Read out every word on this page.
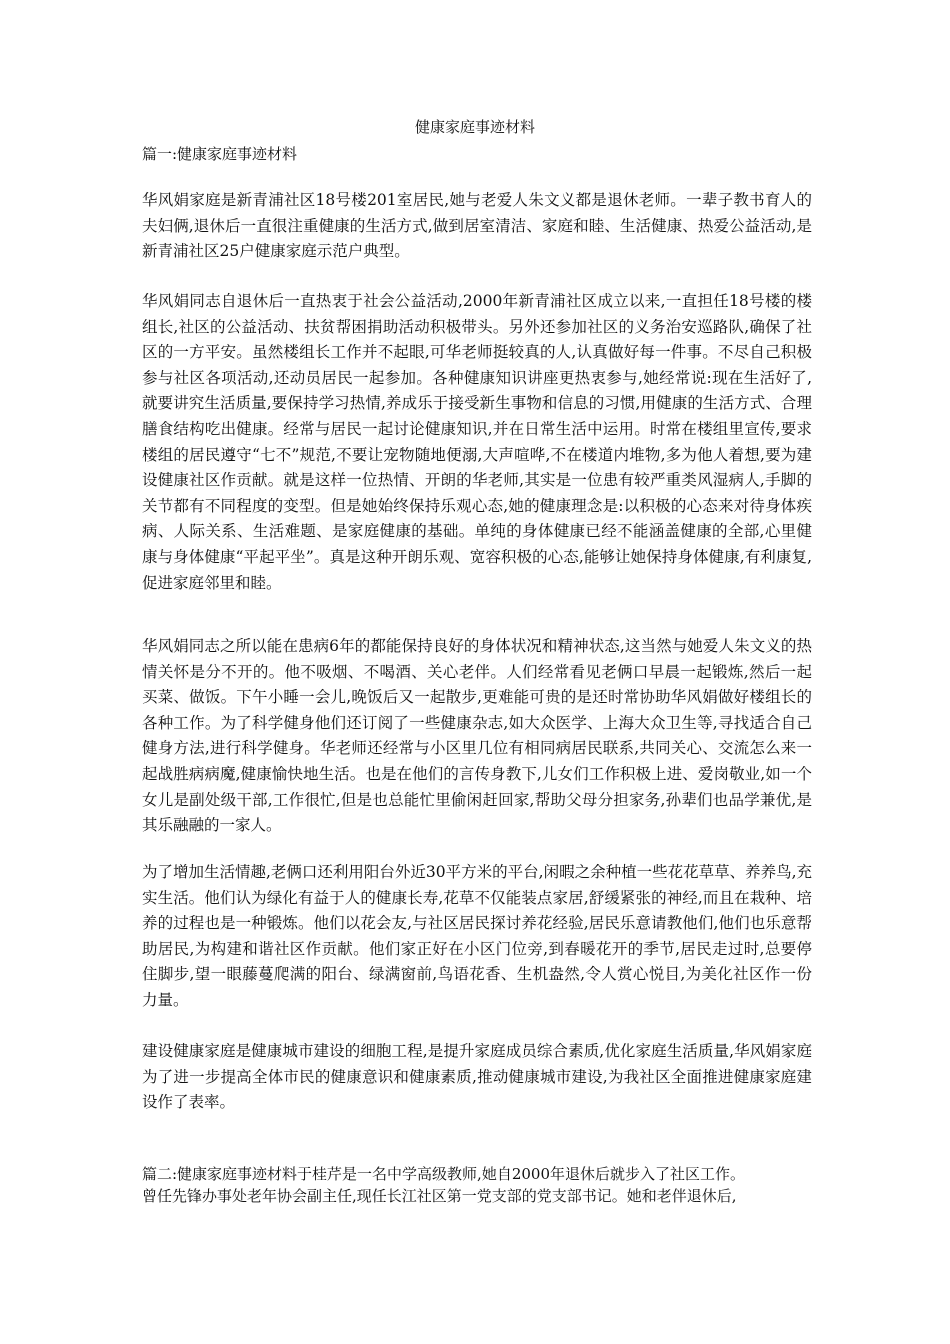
健康家庭事迹材料

篇一:健康家庭事迹材料

华风娟家庭是新青浦社区18号楼201室居民,她与老爱人朱文义都是退休老师。一辈子教书育人的夫妇俩,退休后一直很注重健康的生活方式,做到居室清洁、家庭和睦、生活健康、热爱公益活动,是新青浦社区25户健康家庭示范户典型。

华风娟同志自退休后一直热衷于社会公益活动,2000年新青浦社区成立以来,一直担任18号楼的楼组长,社区的公益活动、扶贫帮困捐助活动积极带头。另外还参加社区的义务治安巡路队,确保了社区的一方平安。虽然楼组长工作并不起眼,可华老师挺较真的人,认真做好每一件事。不尽自己积极参与社区各项活动,还动员居民一起参加。各种健康知识讲座更热衷参与,她经常说:现在生活好了,就要讲究生活质量,要保持学习热情,养成乐于接受新生事物和信息的习惯,用健康的生活方式、合理膳食结构吃出健康。经常与居民一起讨论健康知识,并在日常生活中运用。时常在楼组里宣传,要求楼组的居民遵守“七不”规范,不要让宠物随地便溺,大声喧哗,不在楼道内堆物,多为他人着想,要为建设健康社区作贡献。就是这样一位热情、开朗的华老师,其实是一位患有较严重类风湿病人,手脚的关节都有不同程度的变型。但是她始终保持乐观心态,她的健康理念是:以积极的心态来对待身体疾病、人际关系、生活难题、是家庭健康的基础。单纯的身体健康已经不能涵盖健康的全部,心里健康与身体健康“平起平坐”。真是这种开朗乐观、宽容积极的心态,能够让她保持身体健康,有利康复,促进家庭邻里和睦。

华风娟同志之所以能在患病6年的都能保持良好的身体状况和精神状态,这当然与她爱人朱文义的热情关怀是分不开的。他不吸烟、不喝酒、关心老伴。人们经常看见老俩口早晨一起锻炼,然后一起买菜、做饭。下午小睡一会儿,晚饭后又一起散步,更难能可贵的是还时常协助华风娟做好楼组长的各种工作。为了科学健身他们还订阅了一些健康杂志,如大众医学、上海大众卫生等,寻找适合自己健身方法,进行科学健身。华老师还经常与小区里几位有相同病居民联系,共同关心、交流怎么来一起战胜病病魔,健康愉快地生活。也是在他们的言传身教下,儿女们工作积极上进、爱岗敬业,如一个女儿是副处级干部,工作很忙,但是也总能忙里偷闲赶回家,帮助父母分担家务,孙辈们也品学兼优,是其乐融融的一家人。

为了增加生活情趣,老俩口还利用阳台外近30平方米的平台,闲暇之余种植一些花花草草、养养鸟,充实生活。他们认为绿化有益于人的健康长寿,花草不仅能装点家居,舒缓紧张的神经,而且在栽种、培养的过程也是一种锻炼。他们以花会友,与社区居民探讨养花经验,居民乐意请教他们,他们也乐意帮助居民,为构建和谐社区作贡献。他们家正好在小区门位旁,到春暖花开的季节,居民走过时,总要停住脚步,望一眼藤蔓爬满的阳台、绿满窗前,鸟语花香、生机盎然,令人赏心悦目,为美化社区作一份力量。

建设健康家庭是健康城市建设的细胞工程,是提升家庭成员综合素质,优化家庭生活质量,华风娟家庭为了进一步提高全体市民的健康意识和健康素质,推动健康城市建设,为我社区全面推进健康家庭建设作了表率。

篇二:健康家庭事迹材料于桂芹是一名中学高级教师,她自2000年退休后就步入了社区工作。

曾任先锋办事处老年协会副主任,现任长江社区第一党支部的党支部书记。她和老伴退休后,
